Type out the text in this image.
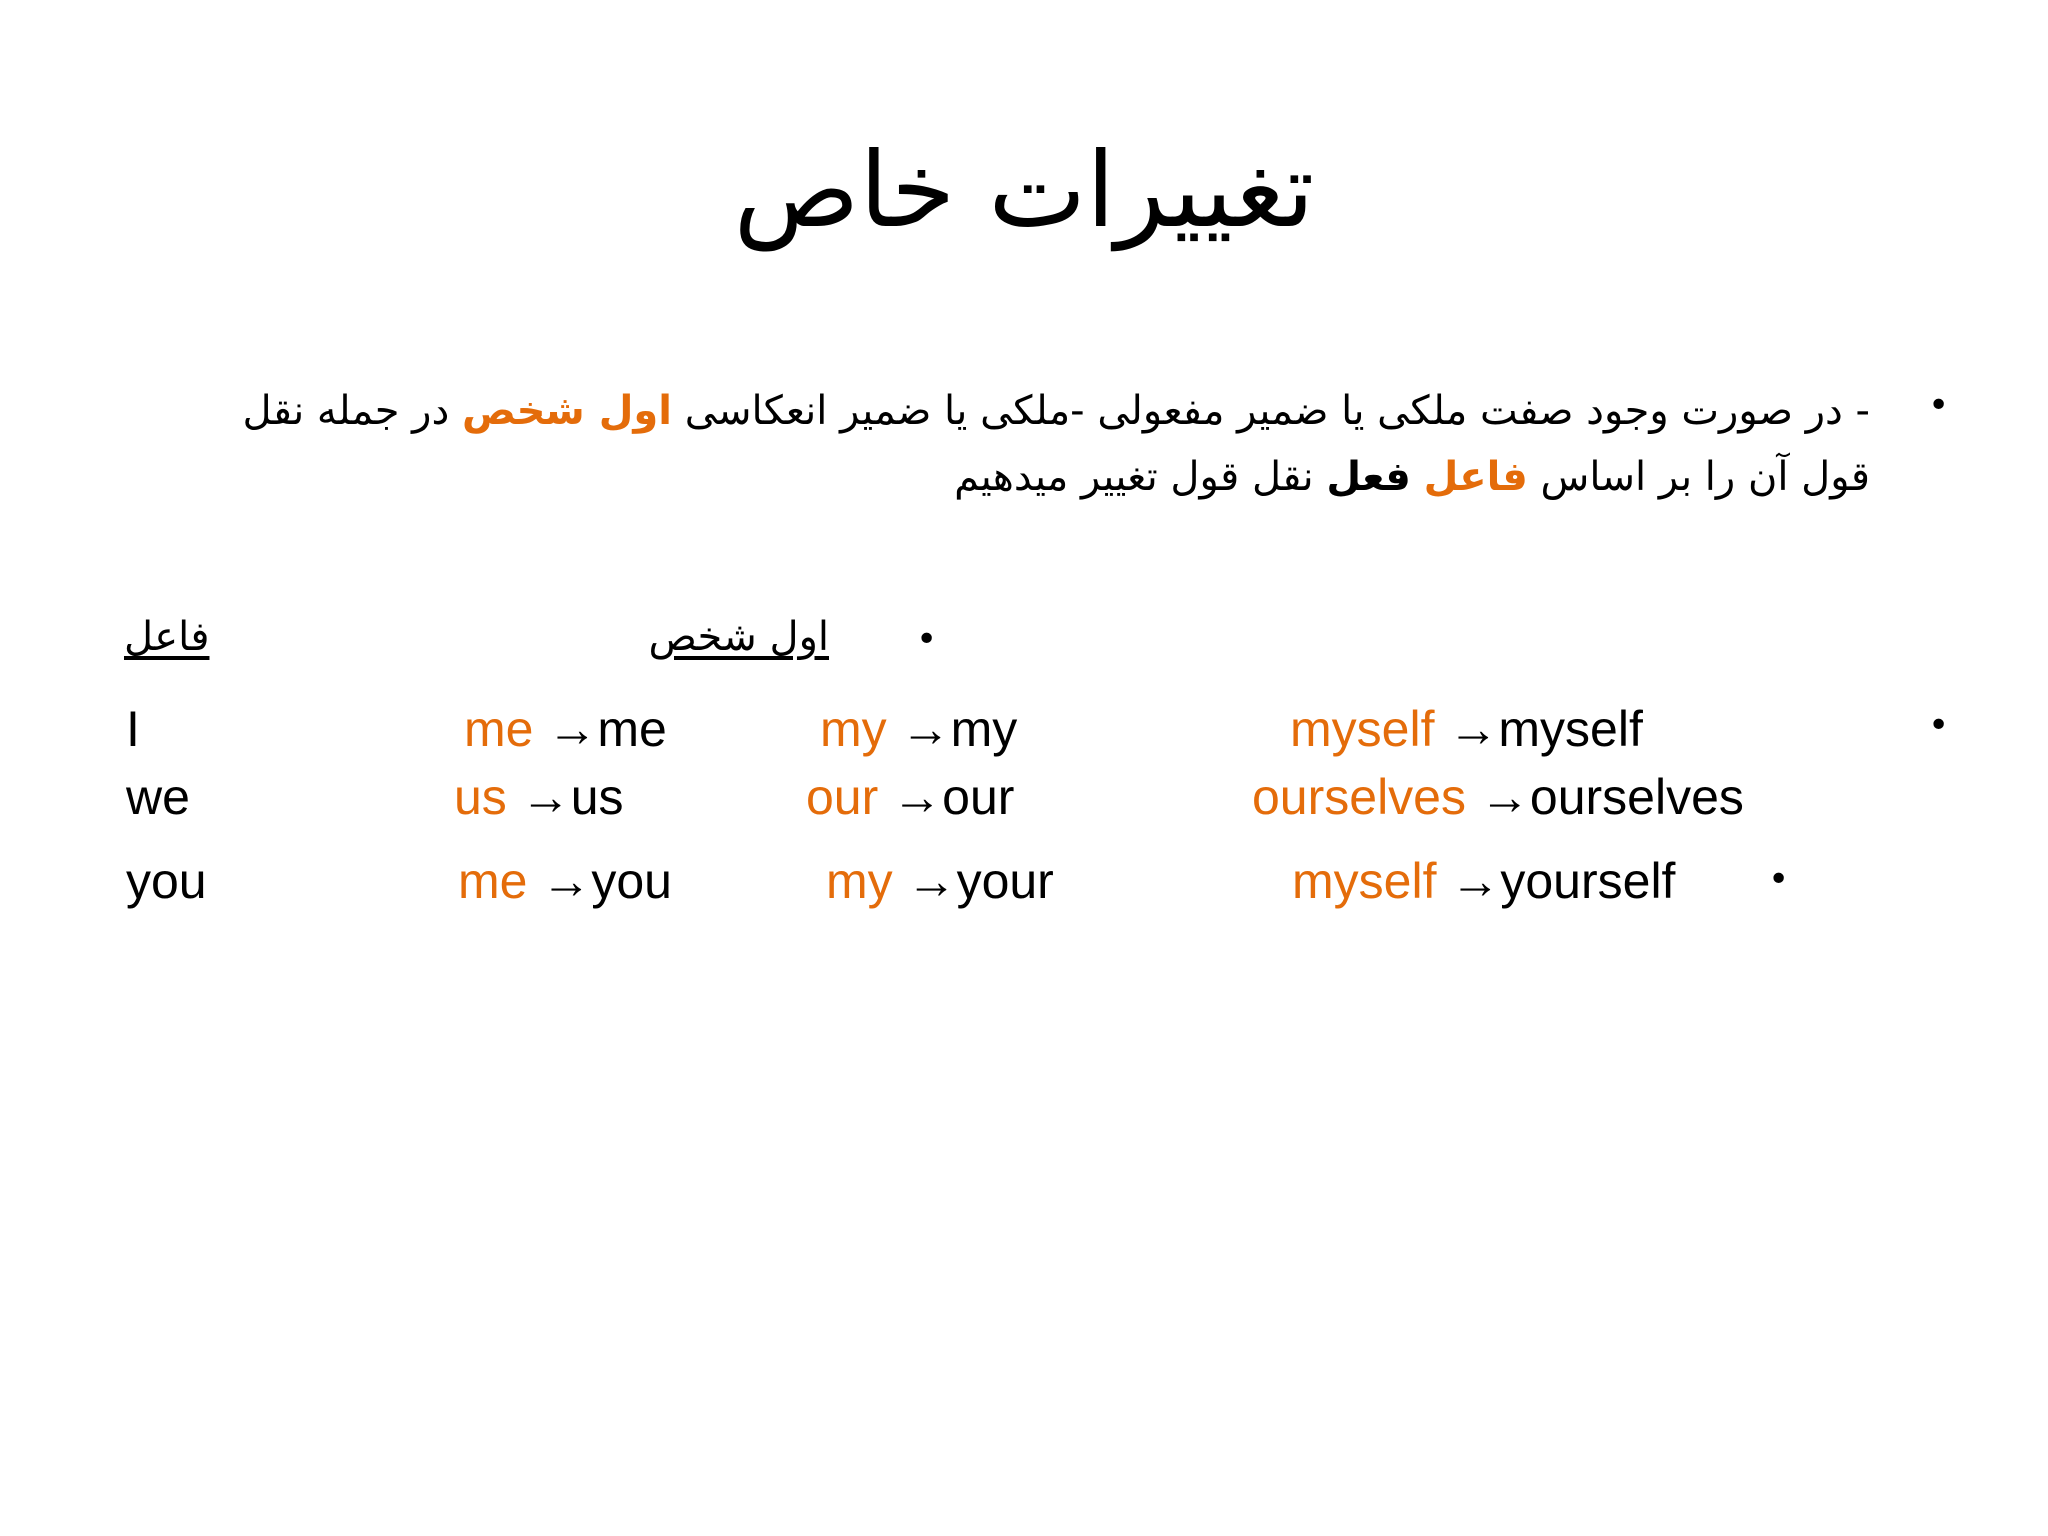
تغییرات خاص
•
- در صورت وجود صفت ملکی یا ضمیر مفعولی -ملکی یا ضمیر انعکاسی اول شخص در جمله نقل قول آن را بر اساس فاعل فعل نقل قول تغییر میدهیم
•
اول شخص
فاعل
•
I	me →me	my →my	myself →myself
we	us →us	our →our	ourselves →ourselves
you	me →you	my →your	myself →yourself	•
